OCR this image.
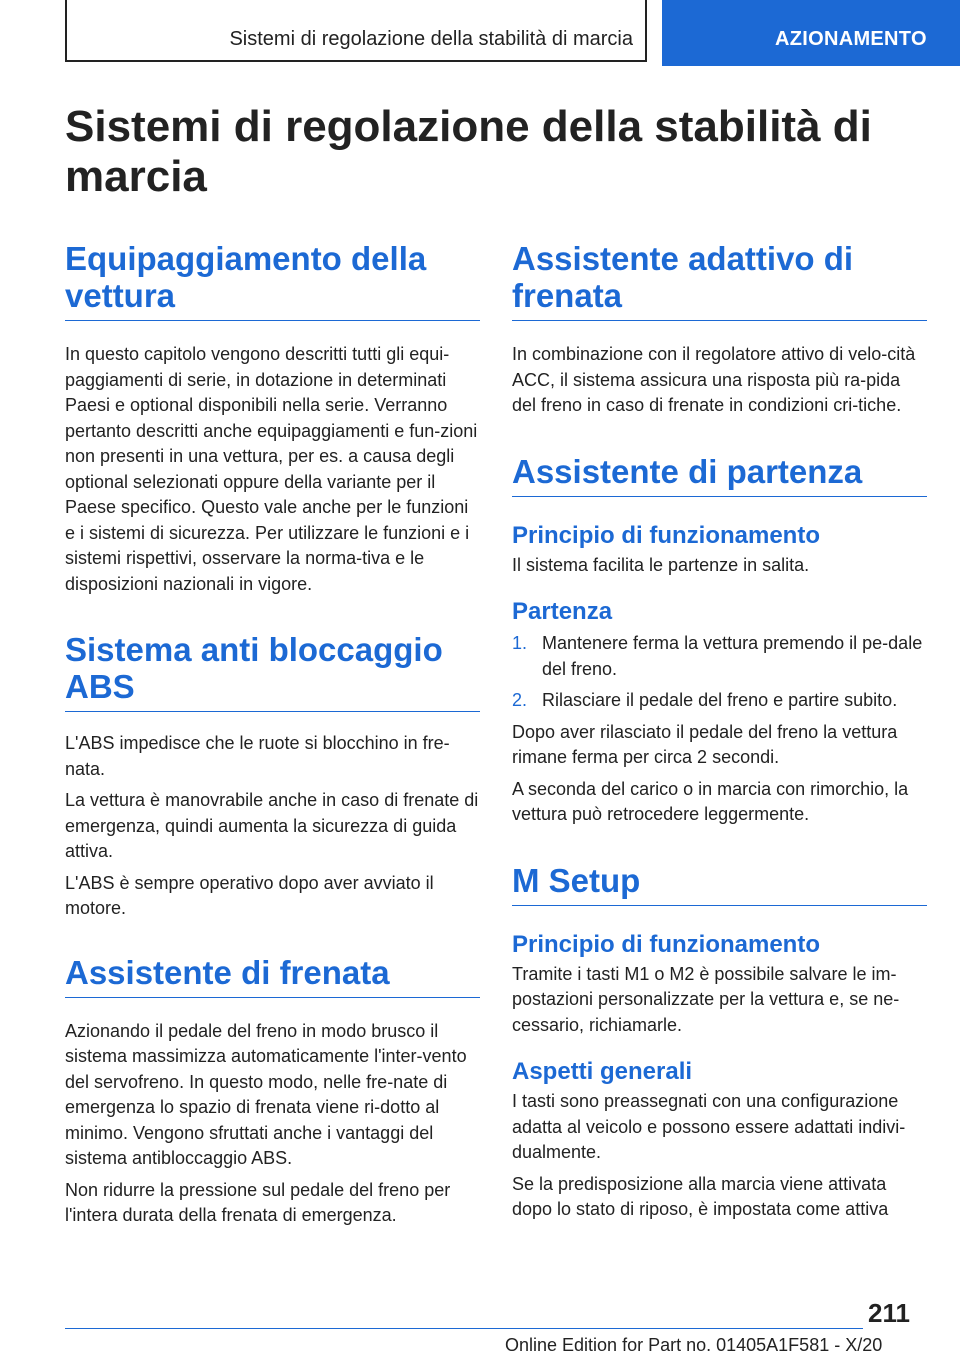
Sistemi di regolazione della stabilità di marcia	AZIONAMENTO
Sistemi di regolazione della stabilità di marcia
Equipaggiamento della vettura

In questo capitolo vengono descritti tutti gli equi-paggiamenti di serie, in dotazione in determinati Paesi e optional disponibili nella serie. Verranno pertanto descritti anche equipaggiamenti e fun-zioni non presenti in una vettura, per es. a causa degli optional selezionati oppure della variante per il Paese specifico. Questo vale anche per le funzioni e i sistemi di sicurezza. Per utilizzare le funzioni e i sistemi rispettivi, osservare la norma-tiva e le disposizioni nazionali in vigore.

Sistema anti bloccaggio ABS

L'ABS impedisce che le ruote si blocchino in fre-nata.

La vettura è manovrabile anche in caso di frenate di emergenza, quindi aumenta la sicurezza di guida attiva.

L'ABS è sempre operativo dopo aver avviato il motore.

Assistente di frenata

Azionando il pedale del freno in modo brusco il sistema massimizza automaticamente l'inter-vento del servofreno. In questo modo, nelle fre-nate di emergenza lo spazio di frenata viene ri-dotto al minimo. Vengono sfruttati anche i vantaggi del sistema antibloccaggio ABS.

Non ridurre la pressione sul pedale del freno per l'intera durata della frenata di emergenza.

Assistente adattivo di frenata

In combinazione con il regolatore attivo di velo-cità ACC, il sistema assicura una risposta più ra-pida del freno in caso di frenate in condizioni cri-tiche.

Assistente di partenza
Principio di funzionamento

Il sistema facilita le partenze in salita.

Partenza
1. Mantenere ferma la vettura premendo il pe-dale del freno.
2. Rilasciare il pedale del freno e partire subito.

Dopo aver rilasciato il pedale del freno la vettura rimane ferma per circa 2 secondi.

A seconda del carico o in marcia con rimorchio, la vettura può retrocedere leggermente.

M Setup
Principio di funzionamento

Tramite i tasti M1 o M2 è possibile salvare le im-postazioni personalizzate per la vettura e, se ne-cessario, richiamarle.

Aspetti generali

I tasti sono preassegnati con una configurazione adatta al veicolo e possono essere adattati indivi-dualmente.

Se la predisposizione alla marcia viene attivata dopo lo stato di riposo, è impostata come attiva

211
Online Edition for Part no. 01405A1F581 - X/20
